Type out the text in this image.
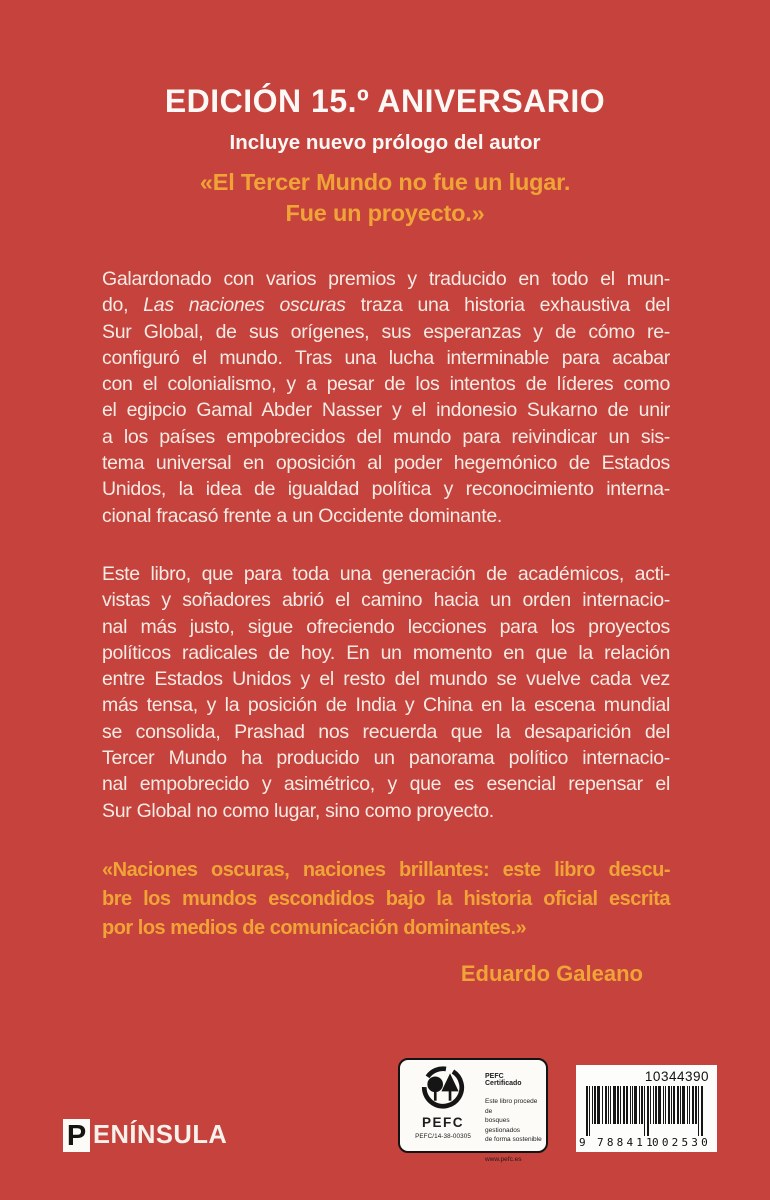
EDICIÓN 15.º ANIVERSARIO
Incluye nuevo prólogo del autor
«El Tercer Mundo no fue un lugar.
Fue un proyecto.»
Galardonado con varios premios y traducido en todo el mun-
do, Las naciones oscuras traza una historia exhaustiva del
Sur Global, de sus orígenes, sus esperanzas y de cómo re-
configuró el mundo. Tras una lucha interminable para acabar
con el colonialismo, y a pesar de los intentos de líderes como
el egipcio Gamal Abder Nasser y el indonesio Sukarno de unir
a los países empobrecidos del mundo para reivindicar un sis-
tema universal en oposición al poder hegemónico de Estados
Unidos, la idea de igualdad política y reconocimiento interna-
cional fracasó frente a un Occidente dominante.
Este libro, que para toda una generación de académicos, acti-
vistas y soñadores abrió el camino hacia un orden internacio-
nal más justo, sigue ofreciendo lecciones para los proyectos
políticos radicales de hoy. En un momento en que la relación
entre Estados Unidos y el resto del mundo se vuelve cada vez
más tensa, y la posición de India y China en la escena mundial
se consolida, Prashad nos recuerda que la desaparición del
Tercer Mundo ha producido un panorama político internacio-
nal empobrecido y asimétrico, y que es esencial repensar el
Sur Global no como lugar, sino como proyecto.
«Naciones oscuras, naciones brillantes: este libro descu-
bre los mundos escondidos bajo la historia oficial escrita
por los medios de comunicación dominantes.»
Eduardo Galeano
P ENÍNSULA	PEFC
PEFC/14-38-00305
PEFC Certificado
Este libro procede de
bosques gestionados
de forma sostenible
www.pefc.es
10344390
9 788411
002530
